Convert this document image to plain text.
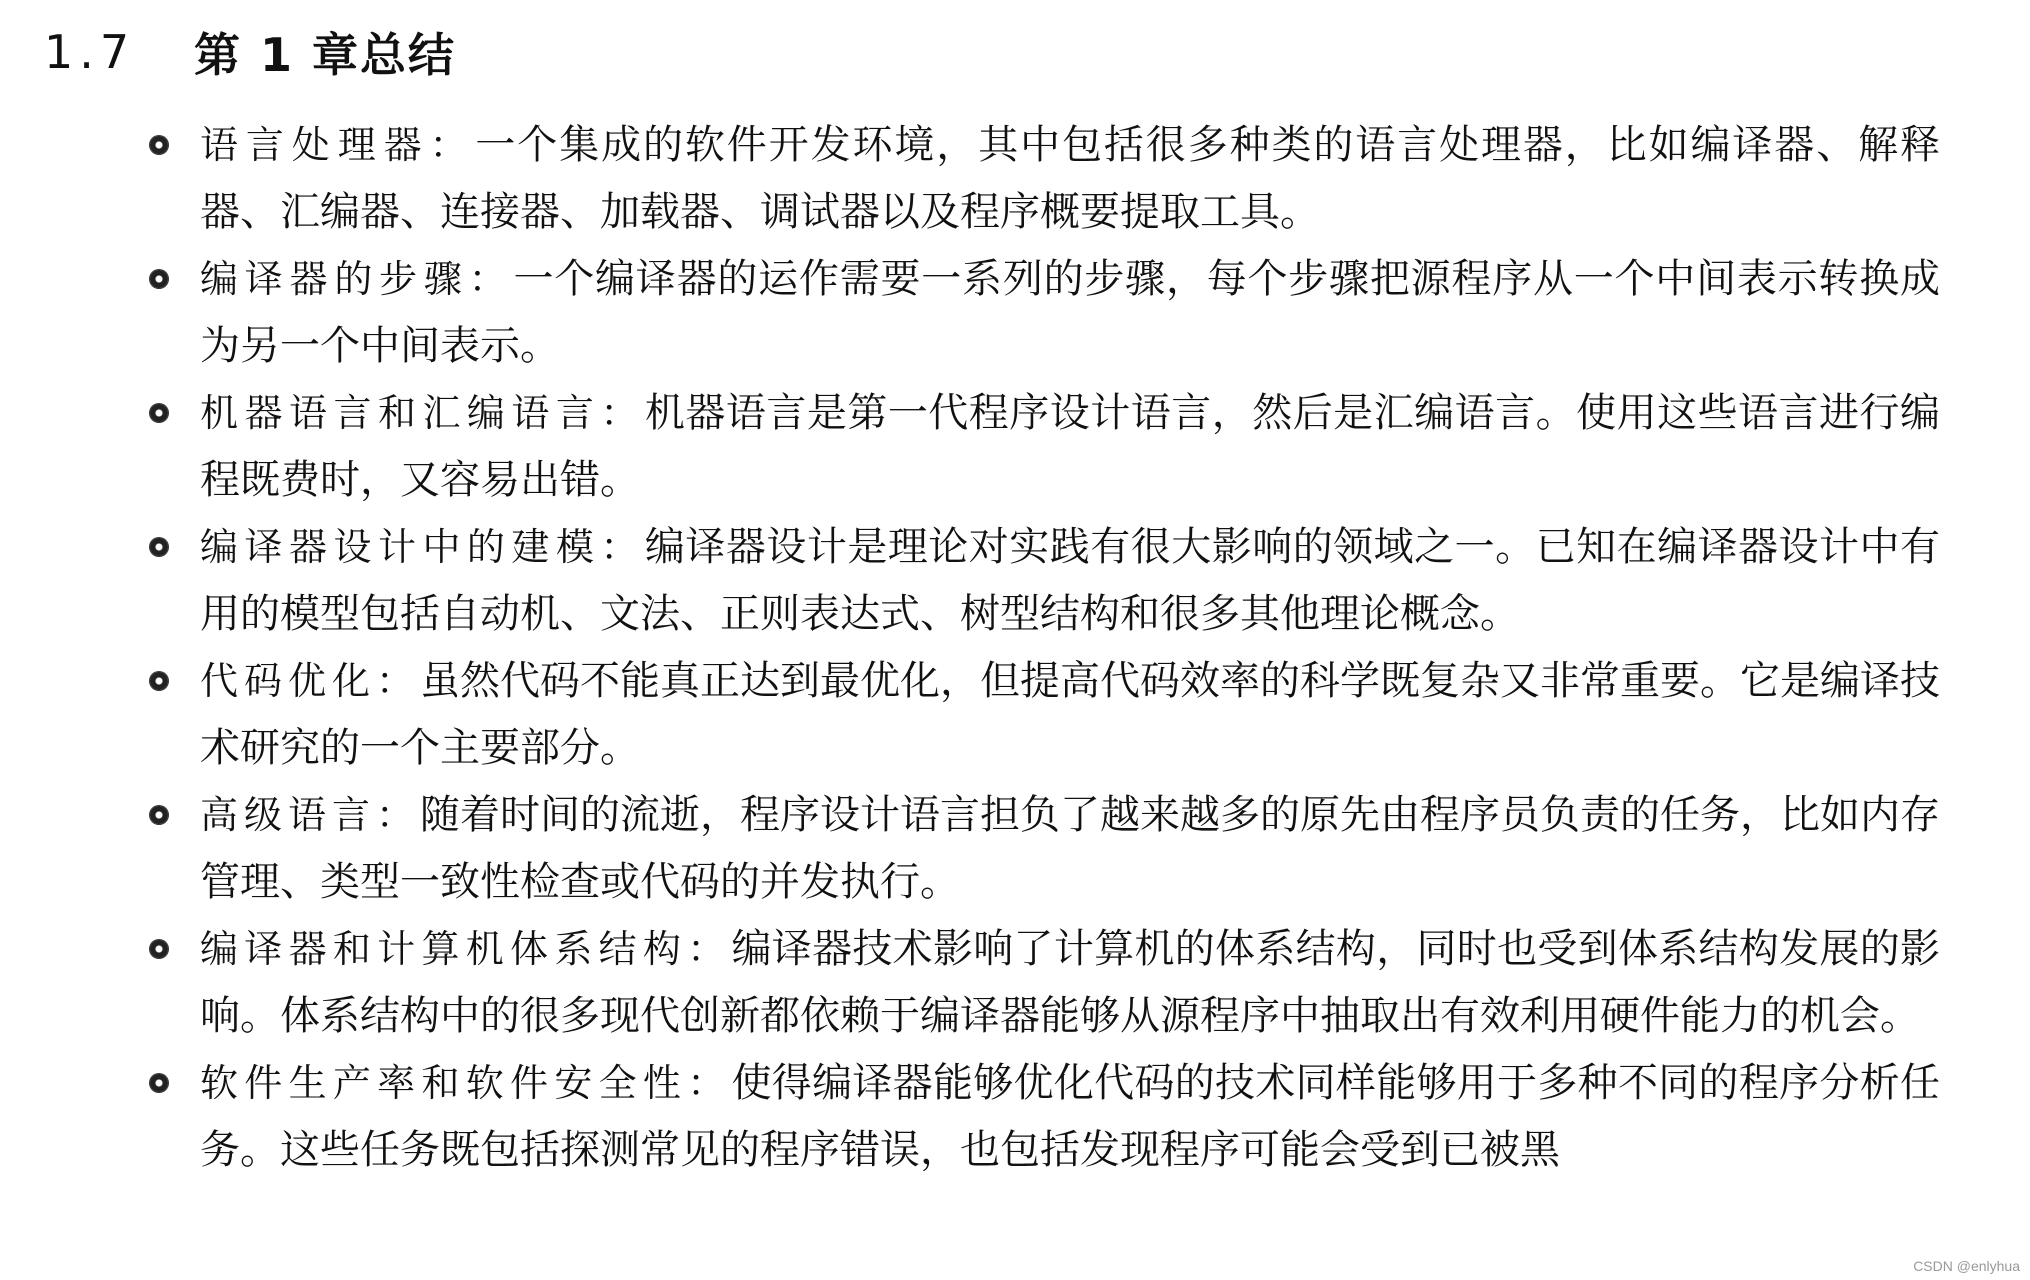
1.7	第 1 章总结
语言处理器：一个集成的软件开发环境，其中包括很多种类的语言处理器，比如编译器、解释器、汇编器、连接器、加载器、调试器以及程序概要提取工具。
编译器的步骤：一个编译器的运作需要一系列的步骤，每个步骤把源程序从一个中间表示转换成为另一个中间表示。
机器语言和汇编语言：机器语言是第一代程序设计语言，然后是汇编语言。使用这些语言进行编程既费时，又容易出错。
编译器设计中的建模：编译器设计是理论对实践有很大影响的领域之一。已知在编译器设计中有用的模型包括自动机、文法、正则表达式、树型结构和很多其他理论概念。
代码优化：虽然代码不能真正达到最优化，但提高代码效率的科学既复杂又非常重要。它是编译技术研究的一个主要部分。
高级语言：随着时间的流逝，程序设计语言担负了越来越多的原先由程序员负责的任务，比如内存管理、类型一致性检查或代码的并发执行。
编译器和计算机体系结构：编译器技术影响了计算机的体系结构，同时也受到体系结构发展的影响。体系结构中的很多现代创新都依赖于编译器能够从源程序中抽取出有效利用硬件能力的机会。
软件生产率和软件安全性：使得编译器能够优化代码的技术同样能够用于多种不同的程序分析任务。这些任务既包括探测常见的程序错误，也包括发现程序可能会受到已被黑
CSDN @enlyhua
